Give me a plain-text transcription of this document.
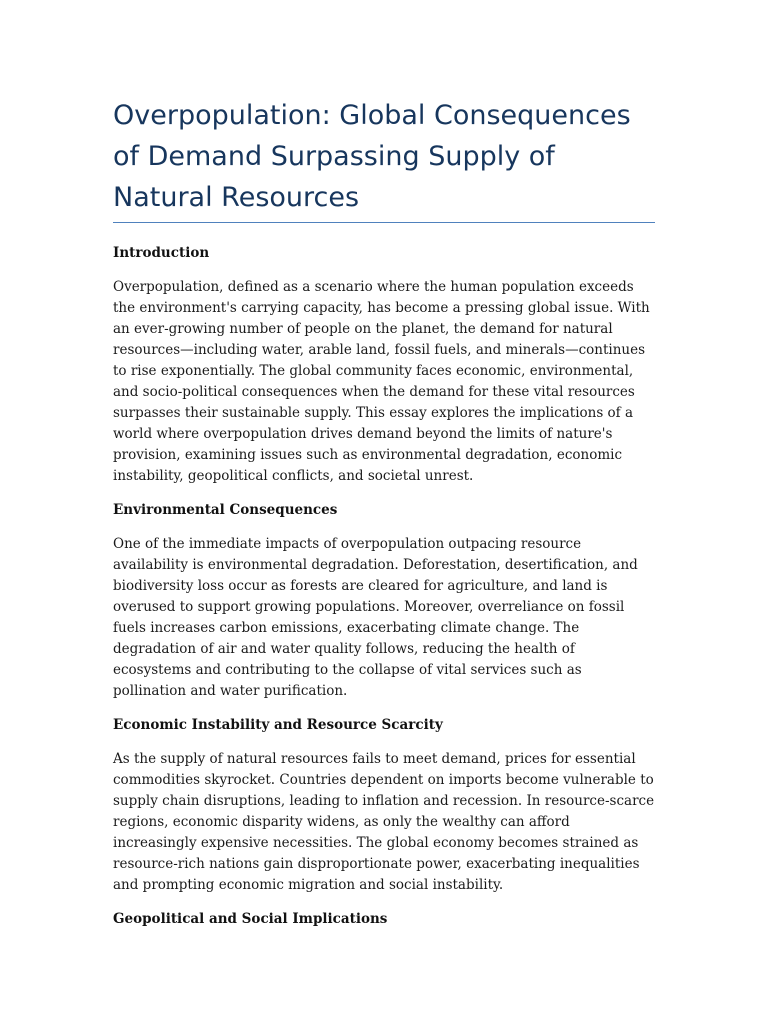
Overpopulation: Global Consequences of Demand Surpassing Supply of Natural Resources
Introduction

Overpopulation, defined as a scenario where the human population exceeds the environment's carrying capacity, has become a pressing global issue. With an ever-growing number of people on the planet, the demand for natural resources—including water, arable land, fossil fuels, and minerals—continues to rise exponentially. The global community faces economic, environmental, and socio-political consequences when the demand for these vital resources surpasses their sustainable supply. This essay explores the implications of a world where overpopulation drives demand beyond the limits of nature's provision, examining issues such as environmental degradation, economic instability, geopolitical conflicts, and societal unrest.

Environmental Consequences

One of the immediate impacts of overpopulation outpacing resource availability is environmental degradation. Deforestation, desertification, and biodiversity loss occur as forests are cleared for agriculture, and land is overused to support growing populations. Moreover, overreliance on fossil fuels increases carbon emissions, exacerbating climate change. The degradation of air and water quality follows, reducing the health of ecosystems and contributing to the collapse of vital services such as pollination and water purification.

Economic Instability and Resource Scarcity

As the supply of natural resources fails to meet demand, prices for essential commodities skyrocket. Countries dependent on imports become vulnerable to supply chain disruptions, leading to inflation and recession. In resource-scarce regions, economic disparity widens, as only the wealthy can afford increasingly expensive necessities. The global economy becomes strained as resource-rich nations gain disproportionate power, exacerbating inequalities and prompting economic migration and social instability.

Geopolitical and Social Implications
